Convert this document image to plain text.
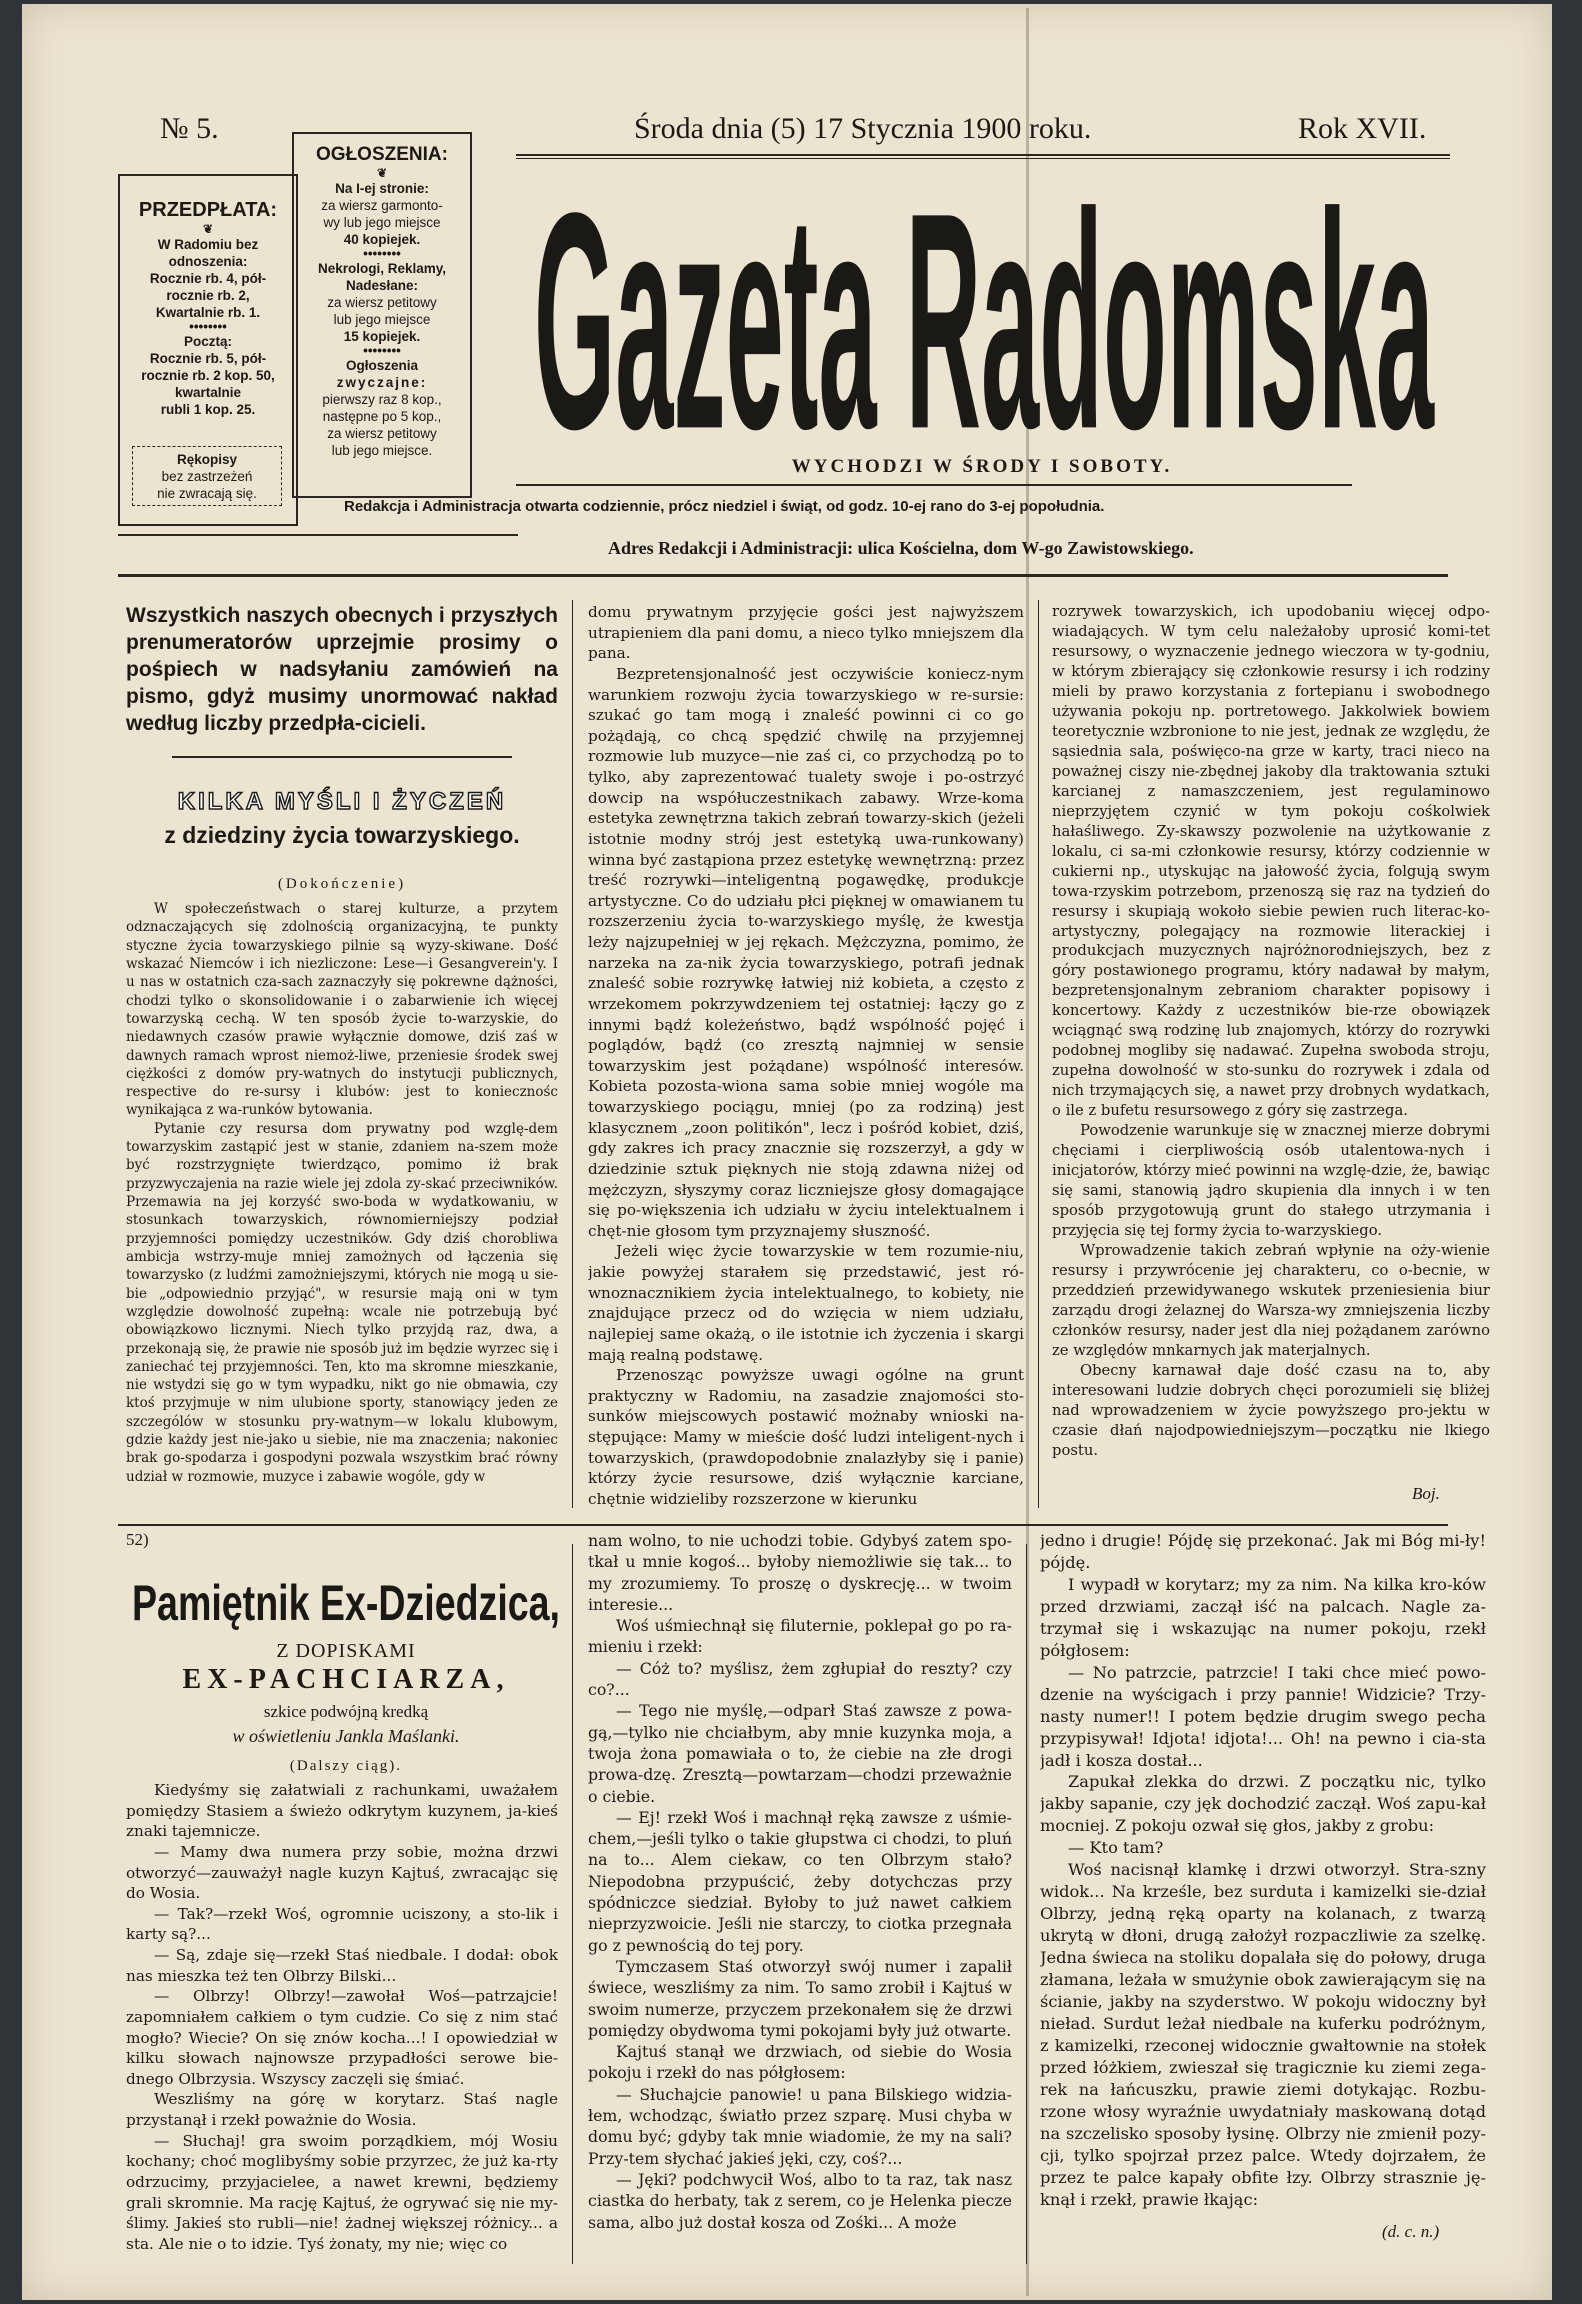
№ 5.	Środa dnia (5) 17 Stycznia 1900 roku.	Rok XVII.
PRZEDPŁATA:
❦
W Radomiu bez odnoszenia:
Rocznie rb. 4, pół-
rocznie rb. 2,
Kwartalnie rb. 1.
••••••••
Pocztą:
Rocznie rb. 5, pół-
rocznie rb. 2 kop. 50,
kwartalnie
rubli 1 kop. 25.
Rękopisy
bez zastrzeżeń
nie zwracają się.
OGŁOSZENIA:
❦
Na I-ej stronie:
za wiersz garmonto-
wy lub jego miejsce
40 kopiejek.
••••••••
Nekrologi, Reklamy,
Nadesłane:
za wiersz petitowy
lub jego miejsce
15 kopiejek.
••••••••
Ogłoszenia
zwyczajne:
pierwszy raz 8 kop.,
następne po 5 kop.,
za wiersz petitowy
lub jego miejsce. Gazeta Radomska
WYCHODZI W ŚRODY I SOBOTY.
Redakcja i Administracja otwarta codziennie, prócz niedziel i świąt, od godz. 10-ej rano do 3-ej popołudnia.
Adres Redakcji i Administracji: ulica Kościelna, dom W-go Zawistowskiego.
Wszystkich naszych obecnych i przyszłych prenumeratorów uprzejmie prosimy o pośpiech w nadsyłaniu zamówień na pismo, gdyż musimy unormować nakład według liczby przedpła-cicieli.
KILKA MYŚLI I ŻYCZEŃ
z dziedziny życia towarzyskiego.
(Dokończenie)

W społeczeństwach o starej kulturze, a przytem odznaczających się zdolnością organizacyjną, te punkty styczne życia towarzyskiego pilnie są wyzy-skiwane. Dość wskazać Niemców i ich niezliczone: Lese—i Gesangverein'y. I u nas w ostatnich cza-sach zaznaczyły się pokrewne dążności, chodzi tylko o skonsolidowanie i o zabarwienie ich więcej towarzyską cechą. W ten sposób życie to-warzyskie, do niedawnych czasów prawie wyłącznie domowe, dziś zaś w dawnych ramach wprost niemoż-liwe, przeniesie środek swej ciężkości z domów pry-watnych do instytucji publicznych, respective do re-sursy i klubów: jest to koniecznośc wynikająca z wa-runków bytowania.

Pytanie czy resursa dom prywatny pod wzglę-dem towarzyskim zastąpić jest w stanie, zdaniem na-szem może być rozstrzygnięte twierdząco, pomimo iż brak przyzwyczajenia na razie wiele jej zdola zy-skać przeciwników. Przemawia na jej korzyść swo-boda w wydatkowaniu, w stosunkach towarzyskich, równomierniejszy podział przyjemności pomiędzy uczestników. Gdy dziś chorobliwa ambicja wstrzy-muje mniej zamożnych od łączenia się towarzysko (z ludźmi zamożniejszymi, których nie mogą u sie-bie „odpowiednio przyjąć", w resursie mają oni w tym względzie dowolność zupełną: wcale nie potrzebują być obowiązkowo licznymi. Niech tylko przyjdą raz, dwa, a przekonają się, że prawie nie sposób już im będzie wyrzec się i zaniechać tej przyjemności. Ten, kto ma skromne mieszkanie, nie wstydzi się go w tym wypadku, nikt go nie obmawia, czy ktoś przyjmuje w nim ulubione sporty, stanowiący jeden ze szczególów w stosunku pry-watnym—w lokalu klubowym, gdzie każdy jest nie-jako u siebie, nie ma znaczenia; nakoniec brak go-spodarza i gospodyni pozwala wszystkim brać równy udział w rozmowie, muzyce i zabawie wogóle, gdy w

domu prywatnym przyjęcie gości jest najwyższem utrapieniem dla pani domu, a nieco tylko mniejszem dla pana.

Bezpretensjonalność jest oczywiście koniecz-nym warunkiem rozwoju życia towarzyskiego w re-sursie: szukać go tam mogą i znaleść powinni ci co go pożądają, co chcą spędzić chwilę na przyjemnej rozmowie lub muzyce—nie zaś ci, co przychodzą po to tylko, aby zaprezentować tualety swoje i po-ostrzyć dowcip na współuczestnikach zabawy. Wrze-koma estetyka zewnętrzna takich zebrań towarzy-skich (jeżeli istotnie modny strój jest estetyką uwa-runkowany) winna być zastąpiona przez estetykę wewnętrzną: przez treść rozrywki—inteligentną pogawędkę, produkcje artystyczne. Co do udziału płci pięknej w omawianem tu rozszerzeniu życia to-warzyskiego myślę, że kwestja leży najzupełniej w jej rękach. Mężczyzna, pomimo, że narzeka na za-nik życia towarzyskiego, potrafi jednak znaleść sobie rozrywkę łatwiej niż kobieta, a często z wrzekomem pokrzywdzeniem tej ostatniej: łączy go z innymi bądź koleżeństwo, bądź wspólność pojęć i poglądów, bądź (co zresztą najmniej w sensie towarzyskim jest pożądane) wspólność interesów. Kobieta pozosta-wiona sama sobie mniej wogóle ma towarzyskiego pociągu, mniej (po za rodziną) jest klasycznem „zoon politikón", lecz i pośród kobiet, dziś, gdy zakres ich pracy znacznie się rozszerzył, a gdy w dziedzinie sztuk pięknych nie stoją zdawna niżej od mężczyzn, słyszymy coraz liczniejsze głosy domagające się po-większenia ich udziału w życiu intelektualnem i chęt-nie głosom tym przyznajemy słuszność.

Jeżeli więc życie towarzyskie w tem rozumie-niu, jakie powyżej starałem się przedstawić, jest ró-wnoznacznikiem życia intelektualnego, to kobiety, nie znajdujące przecz od do wzięcia w niem udziału, najlepiej same okażą, o ile istotnie ich życzenia i skargi mają realną podstawę.

Przenosząc powyższe uwagi ogólne na grunt praktyczny w Radomiu, na zasadzie znajomości sto-sunków miejscowych postawić możnaby wnioski na-stępujące: Mamy w mieście dość ludzi inteligent-nych i towarzyskich, (prawdopodobnie znalazłyby się i panie) którzy życie resursowe, dziś wyłącznie karciane, chętnie widzieliby rozszerzone w kierunku

rozrywek towarzyskich, ich upodobaniu więcej odpo-wiadających. W tym celu należałoby uprosić komi-tet resursowy, o wyznaczenie jednego wieczora w ty-godniu, w którym zbierający się członkowie resursy i ich rodziny mieli by prawo korzystania z fortepianu i swobodnego używania pokoju np. portretowego. Jakkolwiek bowiem teoretycznie wzbronione to nie jest, jednak ze względu, że sąsiednia sala, poświęco-na grze w karty, traci nieco na poważnej ciszy nie-zbędnej jakoby dla traktowania sztuki karcianej z namaszczeniem, jest regulaminowo nieprzyjętem czynić w tym pokoju cośkolwiek hałaśliwego. Zy-skawszy pozwolenie na użytkowanie z lokalu, ci sa-mi członkowie resursy, którzy codziennie w cukierni np., utyskując na jałowość życia, folgują swym towa-rzyskim potrzebom, przenoszą się raz na tydzień do resursy i skupiają wokoło siebie pewien ruch literac-ko-artystyczny, polegający na rozmowie literackiej i produkcjach muzycznych najróżnorodniejszych, bez z góry postawionego programu, który nadawał by małym, bezpretensjonalnym zebraniom charakter popisowy i koncertowy. Każdy z uczestników bie-rze obowiązek wciągnąć swą rodzinę lub znajomych, którzy do rozrywki podobnej mogliby się nadawać. Zupełna swoboda stroju, zupełna dowolność w sto-sunku do rozrywek i zdala od nich trzymających się, a nawet przy drobnych wydatkach, o ile z bufetu resursowego z góry się zastrzega.

Powodzenie warunkuje się w znacznej mierze dobrymi chęciami i cierpliwością osób utalentowa-nych i inicjatorów, którzy mieć powinni na wzglę-dzie, że, bawiąc się sami, stanowią jądro skupienia dla innych i w ten sposób przygotowują grunt do stałego utrzymania i przyjęcia się tej formy życia to-warzyskiego.

Wprowadzenie takich zebrań wpłynie na oży-wienie resursy i przywrócenie jej charakteru, co o-becnie, w przeddzień przewidywanego wskutek przeniesienia biur zarządu drogi żelaznej do Warsza-wy zmniejszenia liczby członków resursy, nader jest dla niej pożądanem zarówno ze względów mnkarnych jak materjalnych.

Obecny karnawał daje dość czasu na to, aby interesowani ludzie dobrych chęci porozumieli się bliżej nad wprowadzeniem w życie powyższego pro-jektu w czasie dłań najodpowiedniejszym—początku nie lkiego postu.

Boj.
52)
Pamiętnik Ex-Dziedzica,
Z DOPISKAMI
EX-PACHCIARZA,
szkice podwójną kredką
w oświetleniu Jankla Maślanki.
(Dalszy ciąg).

Kiedyśmy się załatwiali z rachunkami, uważałem pomiędzy Stasiem a świeżo odkrytym kuzynem, ja-kieś znaki tajemnicze.

— Mamy dwa numera przy sobie, można drzwi otworzyć—zauważył nagle kuzyn Kajtuś, zwracając się do Wosia.

— Tak?—rzekł Woś, ogromnie uciszony, a sto-lik i karty są?...

— Są, zdaje się—rzekł Staś niedbale. I dodał: obok nas mieszka też ten Olbrzy Bilski...

— Olbrzy! Olbrzy!—zawołał Woś—patrzajcie! zapomniałem całkiem o tym cudzie. Co się z nim stać mogło? Wiecie? On się znów kocha...! I opowiedział w kilku słowach najnowsze przypadłości serowe bie-dnego Olbrzysia. Wszyscy zaczęli się śmiać.

Weszliśmy na górę w korytarz. Staś nagle przystanął i rzekł poważnie do Wosia.

— Słuchaj! gra swoim porządkiem, mój Wosiu kochany; choć moglibyśmy sobie przyrzec, że już ka-rty odrzucimy, przyjacielee, a nawet krewni, będziemy grali skromnie. Ma rację Kajtuś, że ogrywać się nie my-ślimy. Jakieś sto rubli—nie! żadnej większej różnicy... a sta. Ale nie o to idzie. Tyś żonaty, my nie; więc co

nam wolno, to nie uchodzi tobie. Gdybyś zatem spo-tkał u mnie kogoś... byłoby niemożliwie się tak... to my zrozumiemy. To proszę o dyskrecję... w twoim interesie...

Woś uśmiechnął się filuternie, poklepał go po ra-mieniu i rzekł:

— Cóż to? myślisz, żem zgłupiał do reszty? czy co?...

— Tego nie myślę,—odparł Staś zawsze z powa-gą,—tylko nie chciałbym, aby mnie kuzynka moja, a twoja żona pomawiała o to, że ciebie na złe drogi prowa-dzę. Zresztą—powtarzam—chodzi przeważnie o ciebie.

— Ej! rzekł Woś i machnął ręką zawsze z uśmie-chem,—jeśli tylko o takie głupstwa ci chodzi, to pluń na to... Alem ciekaw, co ten Olbrzym stało? Niepodobna przypuścić, żeby dotychczas przy spódniczce siedział. Byłoby to już nawet całkiem nieprzyzwoicie. Jeśli nie starczy, to ciotka przegnała go z pewnością do tej pory.

Tymczasem Staś otworzył swój numer i zapalił świece, weszliśmy za nim. To samo zrobił i Kajtuś w swoim numerze, przyczem przekonałem się że drzwi pomiędzy obydwoma tymi pokojami były już otwarte.

Kajtuś stanął we drzwiach, od siebie do Wosia pokoju i rzekł do nas półgłosem:

— Słuchajcie panowie! u pana Bilskiego widzia-łem, wchodząc, światło przez szparę. Musi chyba w domu być; gdyby tak mnie wiadomie, że my na sali? Przy-tem słychać jakieś jęki, czy, coś?...

— Jęki? podchwycił Woś, albo to ta raz, tak nasz ciastka do herbaty, tak z serem, co je Helenka piecze sama, albo już dostał kosza od Zośki... A może

jedno i drugie! Pójdę się przekonać. Jak mi Bóg mi-ły! pójdę.

I wypadł w korytarz; my za nim. Na kilka kro-ków przed drzwiami, zaczął iść na palcach. Nagle za-trzymał się i wskazując na numer pokoju, rzekł półgłosem:

— No patrzcie, patrzcie! I taki chce mieć powo-dzenie na wyścigach i przy pannie! Widzicie? Trzy-nasty numer!! I potem będzie drugim swego pecha przypisywał! Idjota! idjota!... Oh! na pewno i cia-sta jadł i kosza dostał...

Zapukał zlekka do drzwi. Z początku nic, tylko jakby sapanie, czy jęk dochodzić zaczął. Woś zapu-kał mocniej. Z pokoju ozwał się głos, jakby z grobu:

— Kto tam?

Woś nacisnął klamkę i drzwi otworzył. Stra-szny widok... Na krześle, bez surduta i kamizelki sie-dział Olbrzy, jedną ręką oparty na kolanach, z twarzą ukrytą w dłoni, drugą założył rozpaczliwie za szelkę. Jedna świeca na stoliku dopalała się do połowy, druga złamana, leżała w smużynie obok zawierającym się na ścianie, jakby na szyderstwo. W pokoju widoczny był nieład. Surdut leżał niedbale na kuferku podróżnym, z kamizelki, rzeconej widocznie gwałtownie na stołek przed łóżkiem, zwieszał się tragicznie ku ziemi zega-rek na łańcuszku, prawie ziemi dotykając. Rozbu-rzone włosy wyraźnie uwydatniały maskowaną dotąd na szczelisko sposoby łysinę. Olbrzy nie zmienił pozy-cji, tylko spojrzał przez palce. Wtedy dojrzałem, że przez te palce kapały obfite łzy. Olbrzy strasznie ję-knął i rzekł, prawie łkając:

(d. c. n.)
